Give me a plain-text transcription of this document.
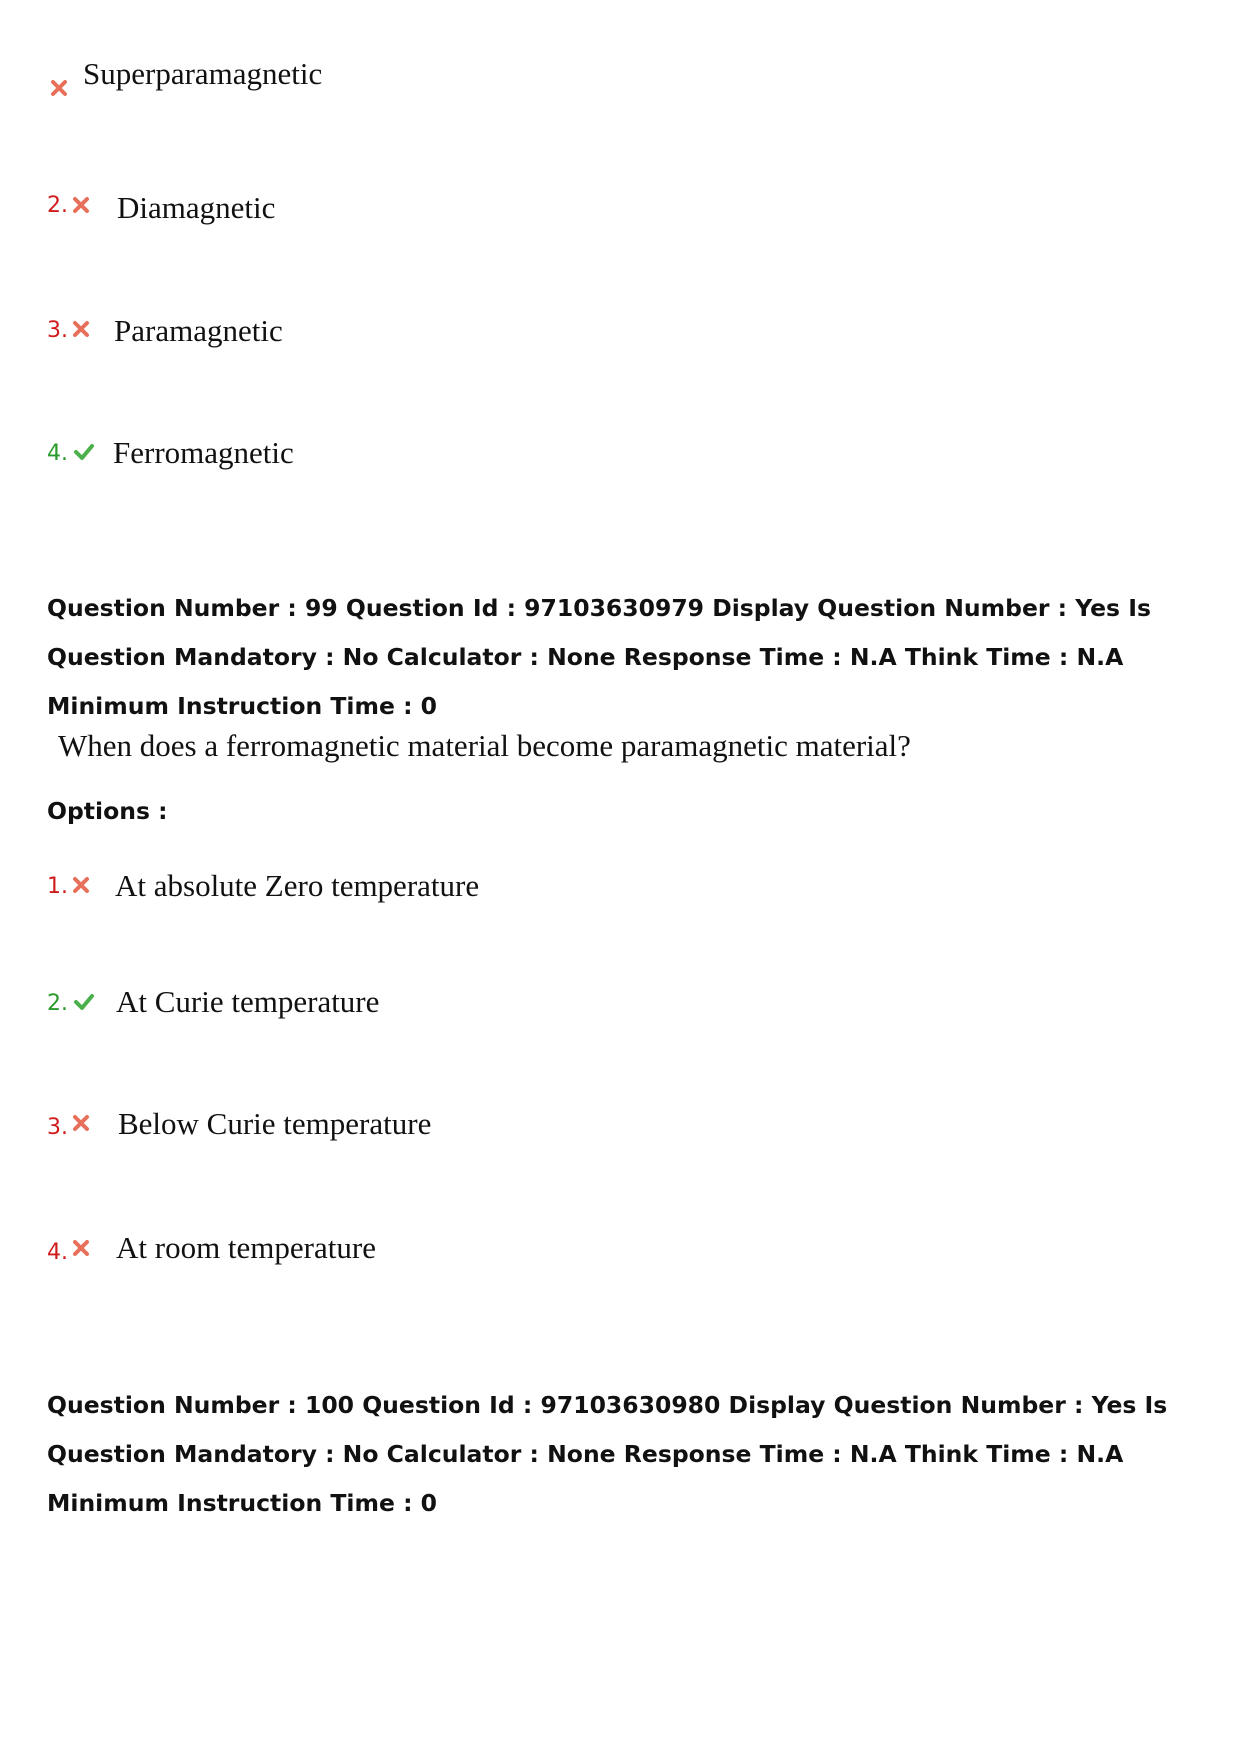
Superparamagnetic
2. Diamagnetic
3. Paramagnetic
4. Ferromagnetic
Question Number : 99 Question Id : 97103630979 Display Question Number : Yes Is Question Mandatory : No Calculator : None Response Time : N.A Think Time : N.A Minimum Instruction Time : 0
When does a ferromagnetic material become paramagnetic material?
Options :
1. At absolute Zero temperature
2. At Curie temperature
3. Below Curie temperature
4. At room temperature
Question Number : 100 Question Id : 97103630980 Display Question Number : Yes Is Question Mandatory : No Calculator : None Response Time : N.A Think Time : N.A Minimum Instruction Time : 0
